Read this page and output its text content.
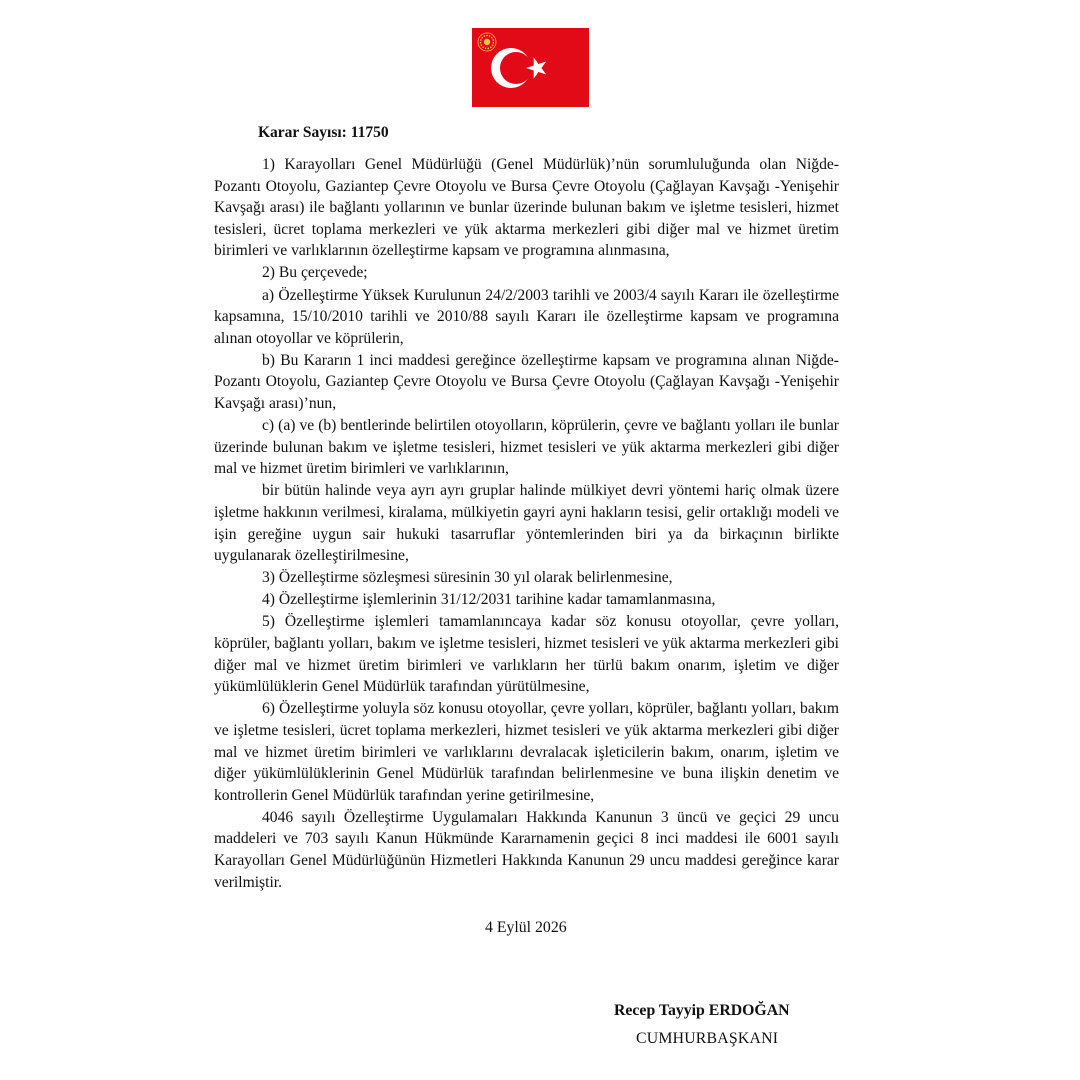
Karar Sayısı: 11750

1) Karayolları Genel Müdürlüğü (Genel Müdürlük)’nün sorumluluğunda olan Niğde-Pozantı Otoyolu, Gaziantep Çevre Otoyolu ve Bursa Çevre Otoyolu (Çağlayan Kavşağı -Yenişehir Kavşağı arası) ile bağlantı yollarının ve bunlar üzerinde bulunan bakım ve işletme tesisleri, hizmet tesisleri, ücret toplama merkezleri ve yük aktarma merkezleri gibi diğer mal ve hizmet üretim birimleri ve varlıklarının özelleştirme kapsam ve programına alınmasına,

2) Bu çerçevede;

a) Özelleştirme Yüksek Kurulunun 24/2/2003 tarihli ve 2003/4 sayılı Kararı ile özelleştirme kapsamına, 15/10/2010 tarihli ve 2010/88 sayılı Kararı ile özelleştirme kapsam ve programına alınan otoyollar ve köprülerin,

b) Bu Kararın 1 inci maddesi gereğince özelleştirme kapsam ve programına alınan Niğde-Pozantı Otoyolu, Gaziantep Çevre Otoyolu ve Bursa Çevre Otoyolu (Çağlayan Kavşağı -Yenişehir Kavşağı arası)’nun,

c) (a) ve (b) bentlerinde belirtilen otoyolların, köprülerin, çevre ve bağlantı yolları ile bunlar üzerinde bulunan bakım ve işletme tesisleri, hizmet tesisleri ve yük aktarma merkezleri gibi diğer mal ve hizmet üretim birimleri ve varlıklarının,

bir bütün halinde veya ayrı ayrı gruplar halinde mülkiyet devri yöntemi hariç olmak üzere işletme hakkının verilmesi, kiralama, mülkiyetin gayri ayni hakların tesisi, gelir ortaklığı modeli ve işin gereğine uygun sair hukuki tasarruflar yöntemlerinden biri ya da birkaçının birlikte uygulanarak özelleştirilmesine,

3) Özelleştirme sözleşmesi süresinin 30 yıl olarak belirlenmesine,

4) Özelleştirme işlemlerinin 31/12/2031 tarihine kadar tamamlanmasına,

5) Özelleştirme işlemleri tamamlanıncaya kadar söz konusu otoyollar, çevre yolları, köprüler, bağlantı yolları, bakım ve işletme tesisleri, hizmet tesisleri ve yük aktarma merkezleri gibi diğer mal ve hizmet üretim birimleri ve varlıkların her türlü bakım onarım, işletim ve diğer yükümlülüklerin Genel Müdürlük tarafından yürütülmesine,

6) Özelleştirme yoluyla söz konusu otoyollar, çevre yolları, köprüler, bağlantı yolları, bakım ve işletme tesisleri, ücret toplama merkezleri, hizmet tesisleri ve yük aktarma merkezleri gibi diğer mal ve hizmet üretim birimleri ve varlıklarını devralacak işleticilerin bakım, onarım, işletim ve diğer yükümlülüklerinin Genel Müdürlük tarafından belirlenmesine ve buna ilişkin denetim ve kontrollerin Genel Müdürlük tarafından yerine getirilmesine,

4046 sayılı Özelleştirme Uygulamaları Hakkında Kanunun 3 üncü ve geçici 29 uncu maddeleri ve 703 sayılı Kanun Hükmünde Kararnamenin geçici 8 inci maddesi ile 6001 sayılı Karayolları Genel Müdürlüğünün Hizmetleri Hakkında Kanunun 29 uncu maddesi gereğince karar verilmiştir.

4 Eylül 2026

Recep Tayyip ERDOĞAN

CUMHURBAŞKANI
